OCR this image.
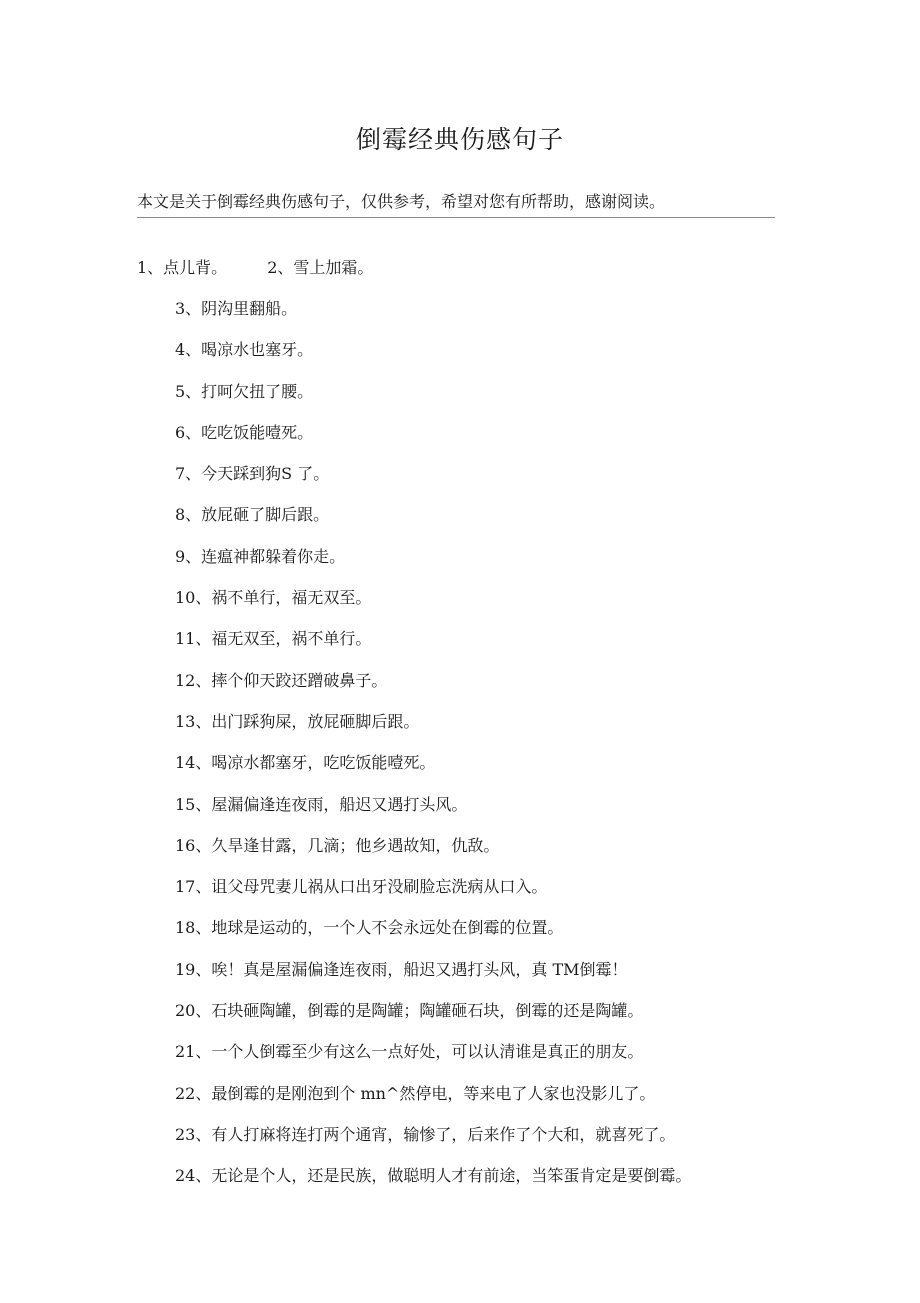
倒霉经典伤感句子
本文是关于倒霉经典伤感句子，仅供参考，希望对您有所帮助，感谢阅读。
1、点儿背。	2、雪上加霜。
3、阴沟里翻船。
4、喝凉水也塞牙。
5、打呵欠扭了腰。
6、吃吃饭能噎死。
7、今天踩到狗S 了。
8、放屁砸了脚后跟。
9、连瘟神都躲着你走。
10、祸不单行，福无双至。
11、福无双至，祸不单行。
12、摔个仰天跤还蹭破鼻子。
13、出门踩狗屎，放屁砸脚后跟。
14、喝凉水都塞牙，吃吃饭能噎死。
15、屋漏偏逢连夜雨，船迟又遇打头风。
16、久旱逢甘露，几滴；他乡遇故知，仇敌。
17、诅父母咒妻儿祸从口出牙没刷脸忘洗病从口入。
18、地球是运动的，一个人不会永远处在倒霉的位置。
19、唉！真是屋漏偏逢连夜雨，船迟又遇打头风，真 TM倒霉！
20、石块砸陶罐，倒霉的是陶罐；陶罐砸石块，倒霉的还是陶罐。
21、一个人倒霉至少有这么一点好处，可以认清谁是真正的朋友。
22、最倒霉的是刚泡到个 mn^然停电，等来电了人家也没影儿了。
23、有人打麻将连打两个通宵，输惨了，后来作了个大和，就喜死了。
24、无论是个人，还是民族，做聪明人才有前途，当笨蛋肯定是要倒霉。
